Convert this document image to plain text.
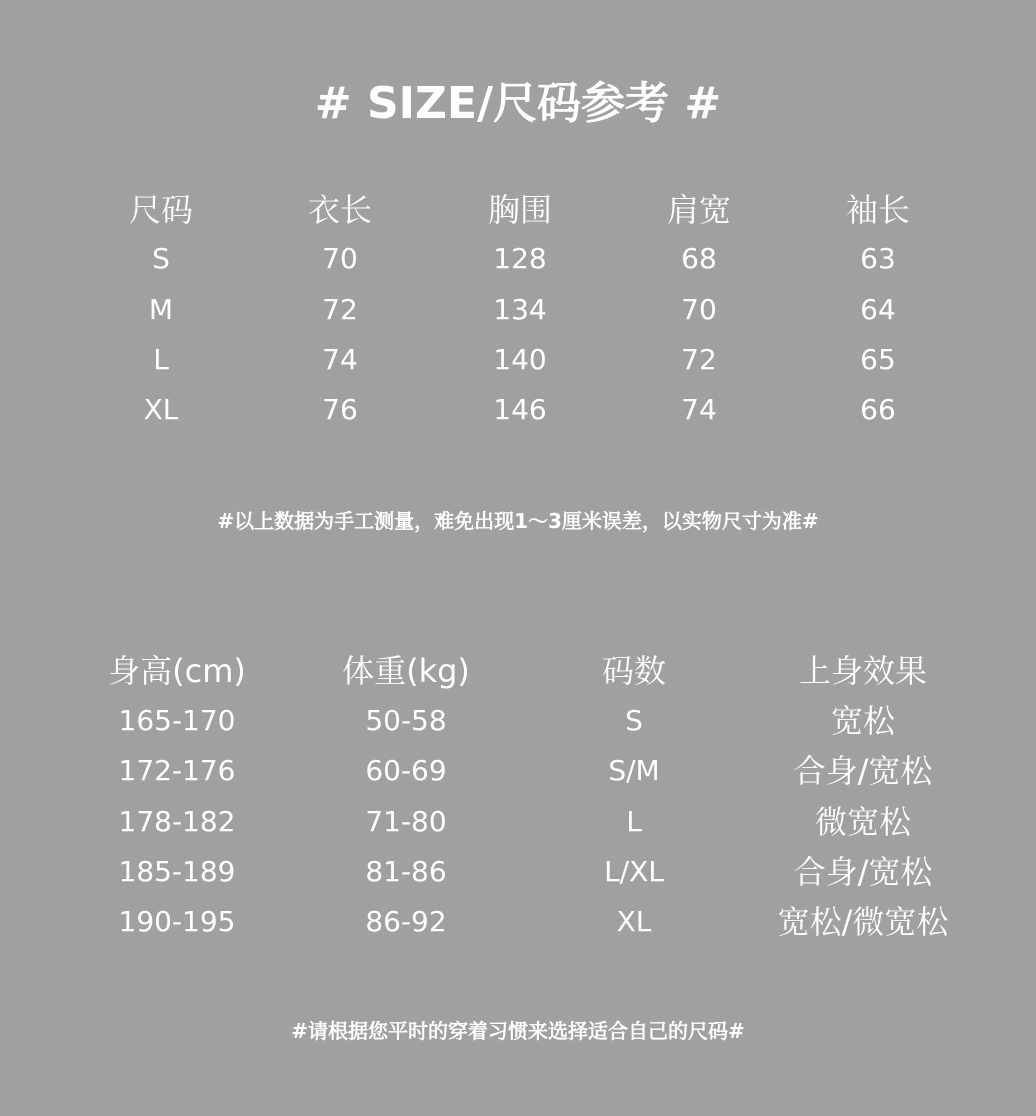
# SIZE/尺码参考 #
尺码	衣长	胸围	肩宽	袖长
S	70	128	68	63
M	72	134	70	64
L	74	140	72	65
XL	76	146	74	66
#以上数据为手工测量，难免出现1～3厘米误差，以实物尺寸为准#
身高(cm)	体重(kg)	码数	上身效果
165-170	50-58	S	宽松
172-176	60-69	S/M	合身/宽松
178-182	71-80	L	微宽松
185-189	81-86	L/XL	合身/宽松
190-195	86-92	XL	宽松/微宽松
#请根据您平时的穿着习惯来选择适合自己的尺码#
